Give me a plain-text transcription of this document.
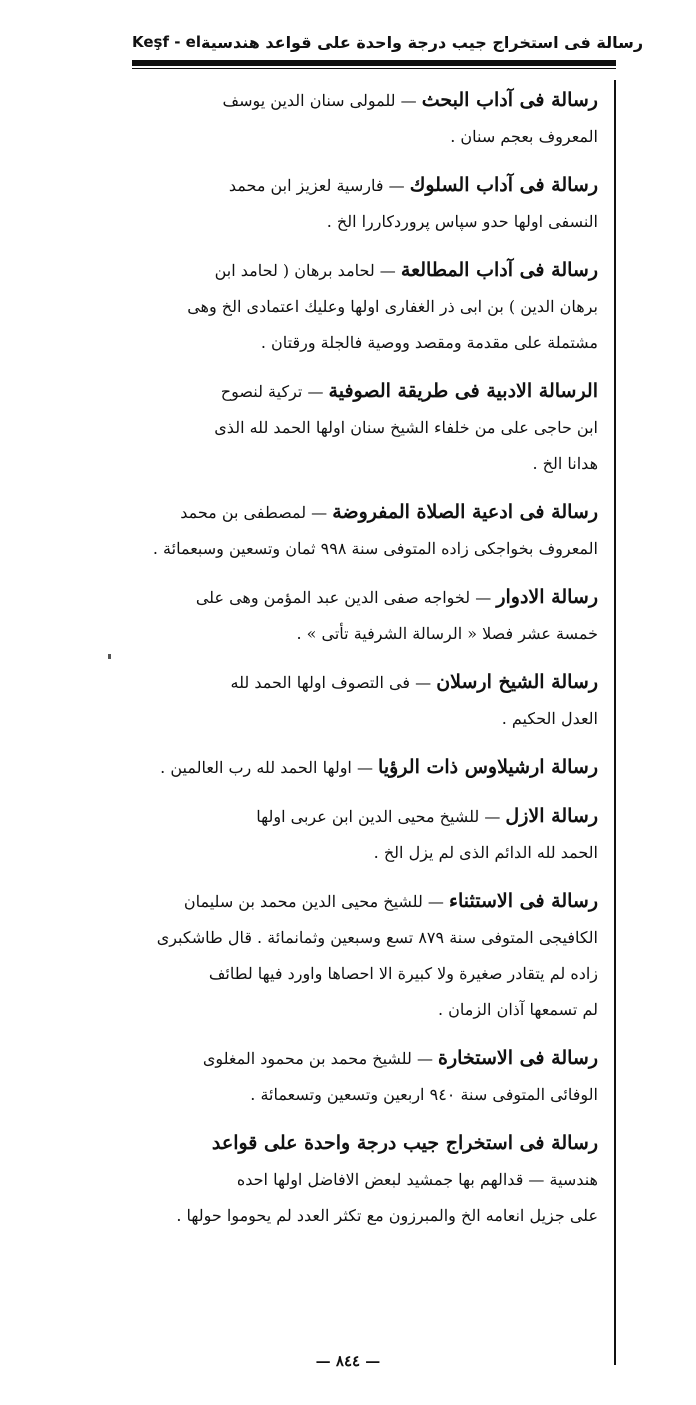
Keşf - el رسالة فى استخراج جيب درجة واحدة على قواعد هندسية
رسالة فى آداب البحث — للمولى سنان الدين يوسف
المعروف بعجم سنان .
رسالة فى آداب السلوك — فارسية لعزيز ابن محمد
النسفى اولها حدو سپاس پروردکاررا الخ .
رسالة فى آداب المطالعة — لحامد برهان ( لحامد ابن
برهان الدين ) بن ابى ذر الغفارى اولها وعليك اعتمادى الخ وهى
مشتملة على مقدمة ومقصد ووصية فالجلة ورقتان .
الرسالة الادبية فى طريقة الصوفية — تركية لنصوح
ابن حاجى على من خلفاء الشيخ سنان اولها الحمد لله الذى
هدانا الخ .
رسالة فى ادعية الصلاة المفروضة — لمصطفى بن محمد
المعروف بخواجكى زاده المتوفى سنة ٩٩٨ ثمان وتسعين وسبعمائة .
رسالة الادوار — لخواجه صفى الدين عبد المؤمن وهى على
خمسة عشر فصلا « الرسالة الشرفية تأتى » .
رسالة الشيخ ارسلان — فى التصوف اولها الحمد لله
العدل الحكيم .
رسالة ارشيلاوس ذات الرؤيا — اولها الحمد لله رب العالمين .
رسالة الازل — للشيخ محيى الدين ابن عربى اولها
الحمد لله الدائم الذى لم يزل الخ .
رسالة فى الاستثناء — للشيخ محيى الدين محمد بن سليمان
الكافيجى المتوفى سنة ٨٧٩ تسع وسبعين وثمانمائة . قال طاشكبرى
زاده لم يتقادر صغيرة ولا كبيرة الا احصاها واورد فيها لطائف
لم تسمعها آذان الزمان .
رسالة فى الاستخارة — للشيخ محمد بن محمود المغلوى
الوفائى المتوفى سنة ٩٤٠ اربعين وتسعين وتسعمائة .
رسالة فى استخراج جيب درجة واحدة على قواعد
هندسية — قدالهم بها جمشيد لبعض الافاضل اولها احده
على جزيل انعامه الخ والمبرزون مع تكثر العدد لم يحوموا حولها .
— ٨٤٤ —
